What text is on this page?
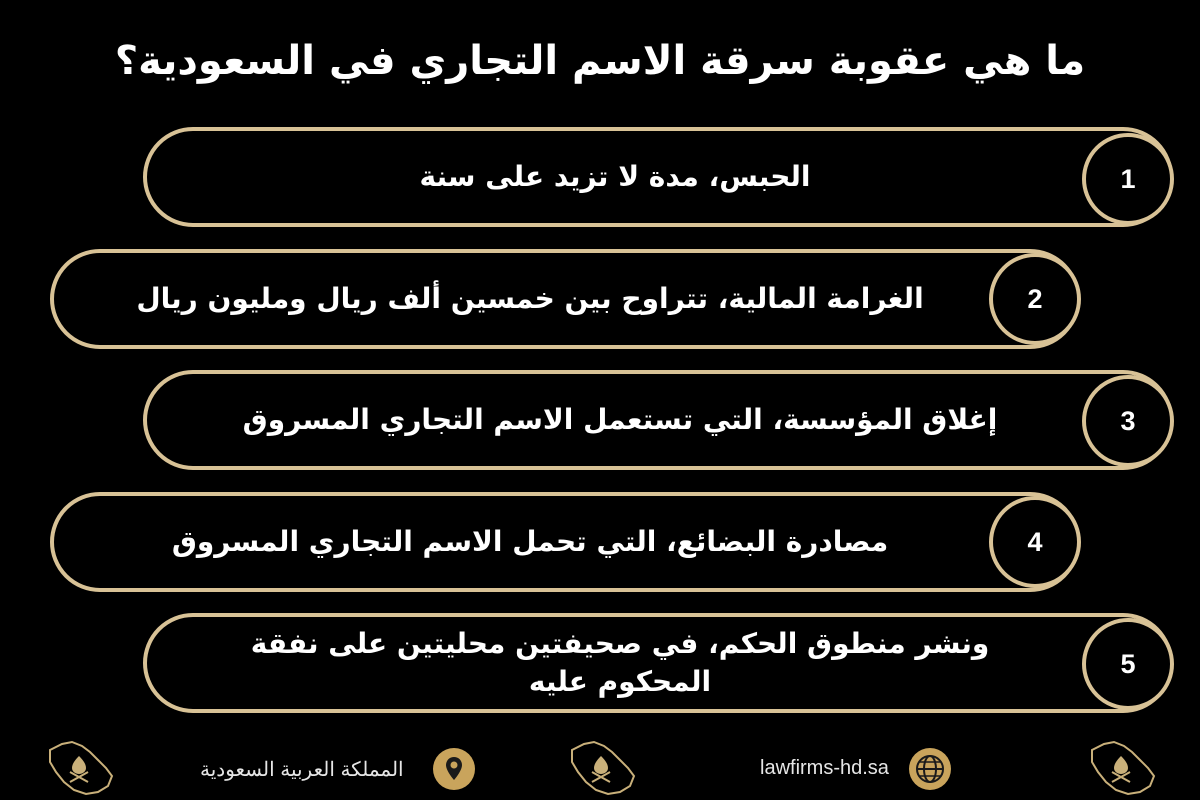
ما هي عقوبة سرقة الاسم التجاري في السعودية؟
الحبس، مدة لا تزيد على سنة	1
الغرامة المالية، تتراوح بين خمسين ألف ريال ومليون ريال	2
إغلاق المؤسسة، التي تستعمل الاسم التجاري المسروق	3
مصادرة البضائع، التي تحمل الاسم التجاري المسروق	4
ونشر منطوق الحكم، في صحيفتين محليتين على نفقة المحكوم عليه
5
المملكة العربية السعودية	lawfirms-hd.sa
